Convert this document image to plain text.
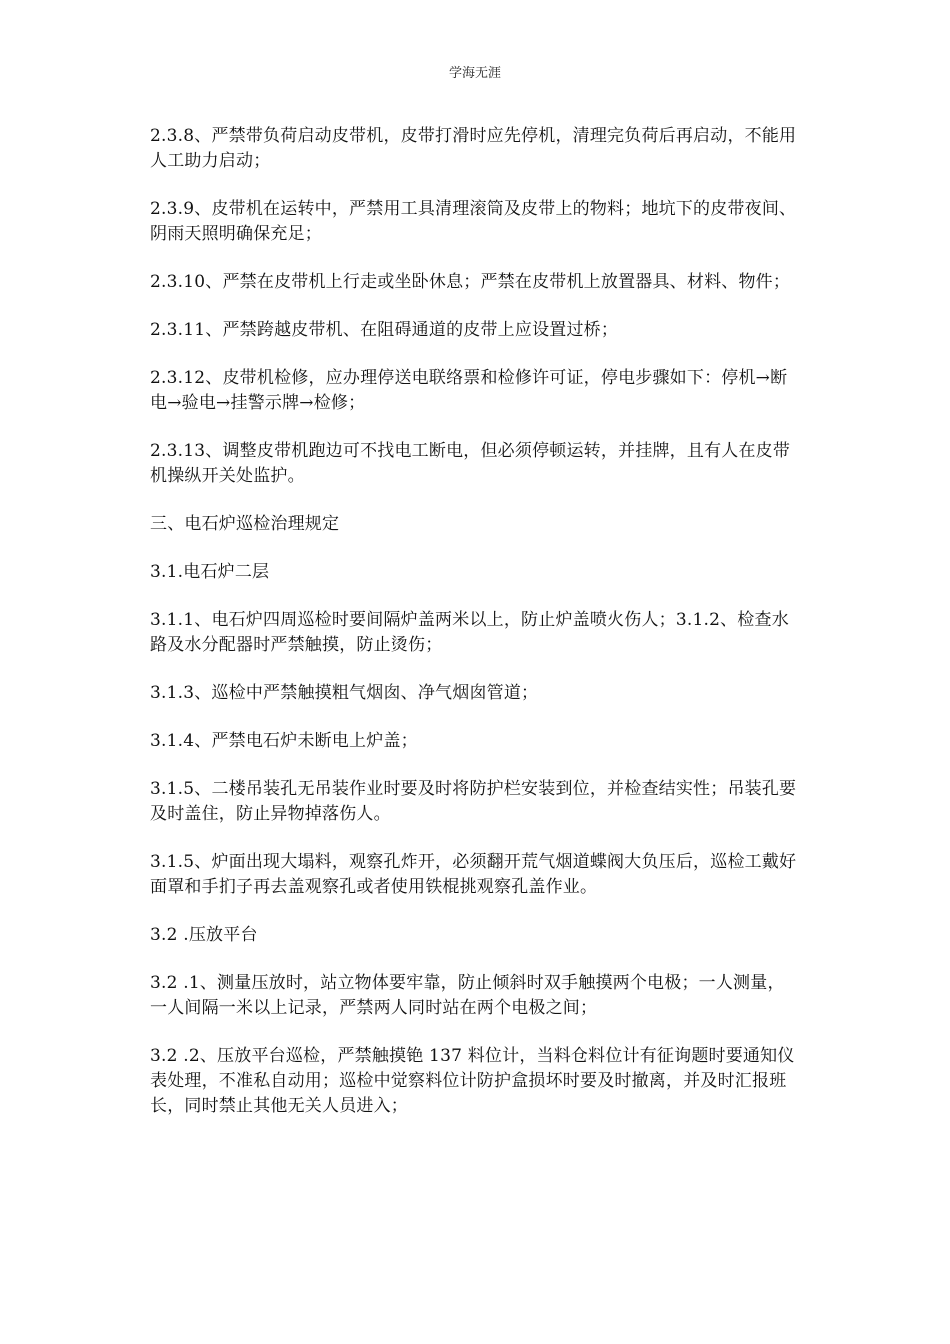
学海无涯

2.3.8、严禁带负荷启动皮带机，皮带打滑时应先停机，清理完负荷后再启动，不能用人工助力启动；

2.3.9、皮带机在运转中，严禁用工具清理滚筒及皮带上的物料；地坑下的皮带夜间、阴雨天照明确保充足；

2.3.10、严禁在皮带机上行走或坐卧休息；严禁在皮带机上放置器具、材料、物件；

2.3.11、严禁跨越皮带机、在阻碍通道的皮带上应设置过桥；

2.3.12、皮带机检修，应办理停送电联络票和检修许可证，停电步骤如下：停机→断电→验电→挂警示牌→检修；

2.3.13、调整皮带机跑边可不找电工断电，但必须停顿运转，并挂牌，且有人在皮带机操纵开关处监护。

三、电石炉巡检治理规定

3.1.电石炉二层

3.1.1、电石炉四周巡检时要间隔炉盖两米以上，防止炉盖喷火伤人；3.1.2、检查水路及水分配器时严禁触摸，防止烫伤；

3.1.3、巡检中严禁触摸粗气烟囱、净气烟囱管道；

3.1.4、严禁电石炉未断电上炉盖；

3.1.5、二楼吊装孔无吊装作业时要及时将防护栏安装到位，并检查结实性；吊装孔要及时盖住，防止异物掉落伤人。

3.1.5、炉面出现大塌料，观察孔炸开，必须翻开荒气烟道蝶阀大负压后，巡检工戴好面罩和手扪子再去盖观察孔或者使用铁棍挑观察孔盖作业。

3.2 .压放平台

3.2 .1、测量压放时，站立物体要牢靠，防止倾斜时双手触摸两个电极；一人测量，一人间隔一米以上记录，严禁两人同时站在两个电极之间；

3.2 .2、压放平台巡检，严禁触摸铯 137 料位计，当料仓料位计有征询题时要通知仪表处理，不准私自动用；巡检中觉察料位计防护盒损坏时要及时撤离，并及时汇报班长，同时禁止其他无关人员进入；
